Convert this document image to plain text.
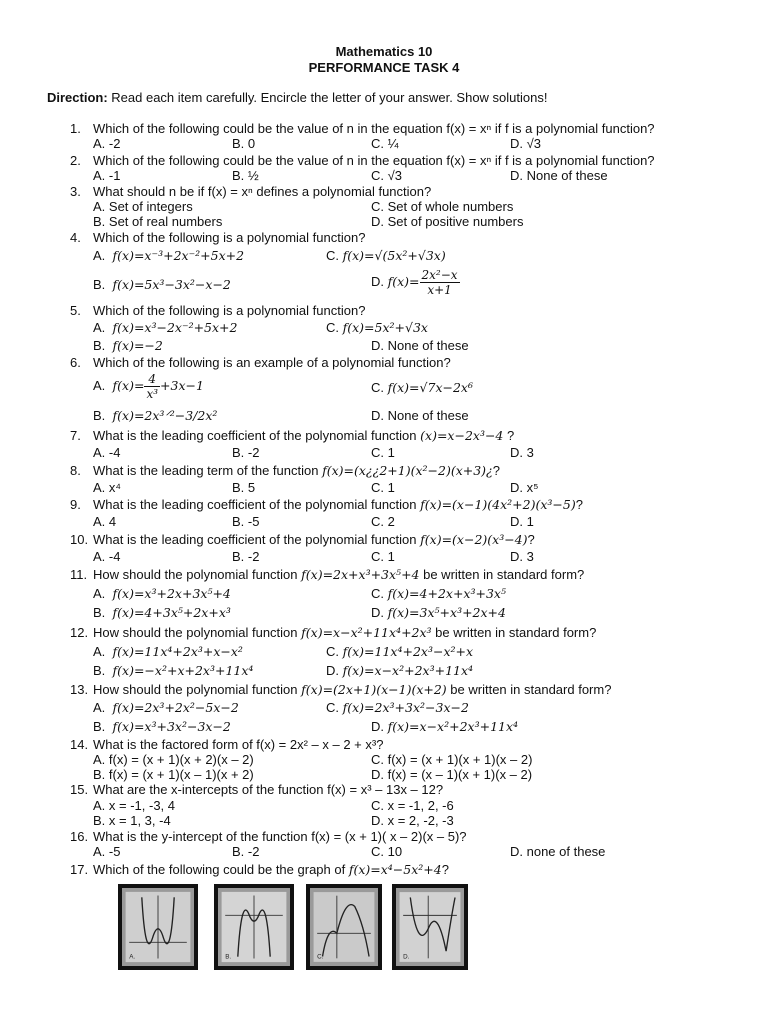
Mathematics 10
PERFORMANCE TASK 4
Direction: Read each item carefully. Encircle the letter of your answer. Show solutions!
1. Which of the following could be the value of n in the equation f(x) = xⁿ if f is a polynomial function?
A. -2	B. 0	C. ¼	D. √3
2. Which of the following could be the value of n in the equation f(x) = xⁿ if f is a polynomial function?
A. -1	B. ½	C. √3	D. None of these
3. What should n be if f(x) = xⁿ defines a polynomial function?
A. Set of integers	C. Set of whole numbers
B. Set of real numbers	D. Set of positive numbers
4. Which of the following is a polynomial function?
A. f(x)=x⁻³+2x⁻²+5x+2	C. f(x)=√(5x²+√3x)
B. f(x)=5x³−3x²−x−2	D. $f(x)= \frac{\text{2x²−x}}{x+1}$
5. Which of the following is a polynomial function?
A. f(x)=x³−2x⁻²+5x+2	C. f(x)=5x²+√3x
B. f(x)=−2	D. None of these
6. Which of the following is an example of a polynomial function?
A. $f(x)= \frac{4}{\text{x³}} +3x-1$	C. f(x)=√7x−2x⁶
B. f(x)=2x³ᐟ²−3/2x²	D. None of these
7. What is the leading coefficient of the polynomial function (x)=x−2x³−4 ?
A. -4	B. -2	C. 1	D. 3
8. What is the leading term of the function f(x)=(x¿¿2+1)(x²−2)(x+3)¿?
A. x⁴	B. 5	C. 1	D. x⁵
9. What is the leading coefficient of the polynomial function f(x)=(x−1)(4x²+2)(x³−5)?
A. 4	B. -5	C. 2	D. 1
10. What is the leading coefficient of the polynomial function f(x)=(x−2)(x³−4)?
A. -4	B. -2	C. 1	D. 3
11. How should the polynomial function f(x)=2x+x³+3x⁵+4 be written in standard form?
A. f(x)=x³+2x+3x⁵+4	C. f(x)=4+2x+x³+3x⁵
B. f(x)=4+3x⁵+2x+x³	D. f(x)=3x⁵+x³+2x+4
12. How should the polynomial function f(x)=x−x²+11x⁴+2x³ be written in standard form?
A. f(x)=11x⁴+2x³+x−x²	C. f(x)=11x⁴+2x³−x²+x
B. f(x)=−x²+x+2x³+11x⁴	D. f(x)=x−x²+2x³+11x⁴
13. How should the polynomial function f(x)=(2x+1)(x−1)(x+2) be written in standard form?
A. f(x)=2x³+2x²−5x−2	C. f(x)=2x³+3x²−3x−2
B. f(x)=x³+3x²−3x−2	D. f(x)=x−x²+2x³+11x⁴
14. What is the factored form of f(x) = 2x² – x – 2 + x³?
A. f(x) = (x + 1)(x + 2)(x – 2)	C. f(x) = (x + 1)(x + 1)(x – 2)
B. f(x) = (x + 1)(x – 1)(x + 2)	D. f(x) = (x – 1)(x + 1)(x – 2)
15. What are the x-intercepts of the function f(x) = x³ – 13x – 12?
A. x = -1, -3, 4	C. x = -1, 2, -6
B. x = 1, 3, -4	D. x = 2, -2, -3
16. What is the y-intercept of the function f(x) = (x + 1)( x – 2)(x – 5)?
A. -5	B. -2	C. 10	D. none of these
17. Which of the following could be the graph of f(x)=x⁴−5x²+4?
A.	B.	C.	D.
